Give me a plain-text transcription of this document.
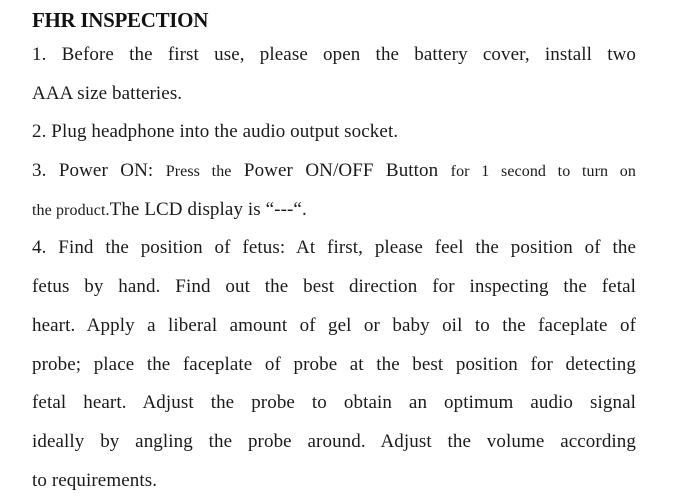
FHR INSPECTION
1. Before the first use, please open the battery cover, install two
AAA size batteries.
2. Plug headphone into the audio output socket.
3. Power ON: Press the Power ON/OFF Button for 1 second to turn on
the product.The LCD display is “---“.
4. Find the position of fetus: At first, please feel the position of the
fetus by hand. Find out the best direction for inspecting the fetal
heart. Apply a liberal amount of gel or baby oil to the faceplate of
probe; place the faceplate of probe at the best position for detecting
fetal heart. Adjust the probe to obtain an optimum audio signal
ideally by angling the probe around. Adjust the volume according
to requirements.
